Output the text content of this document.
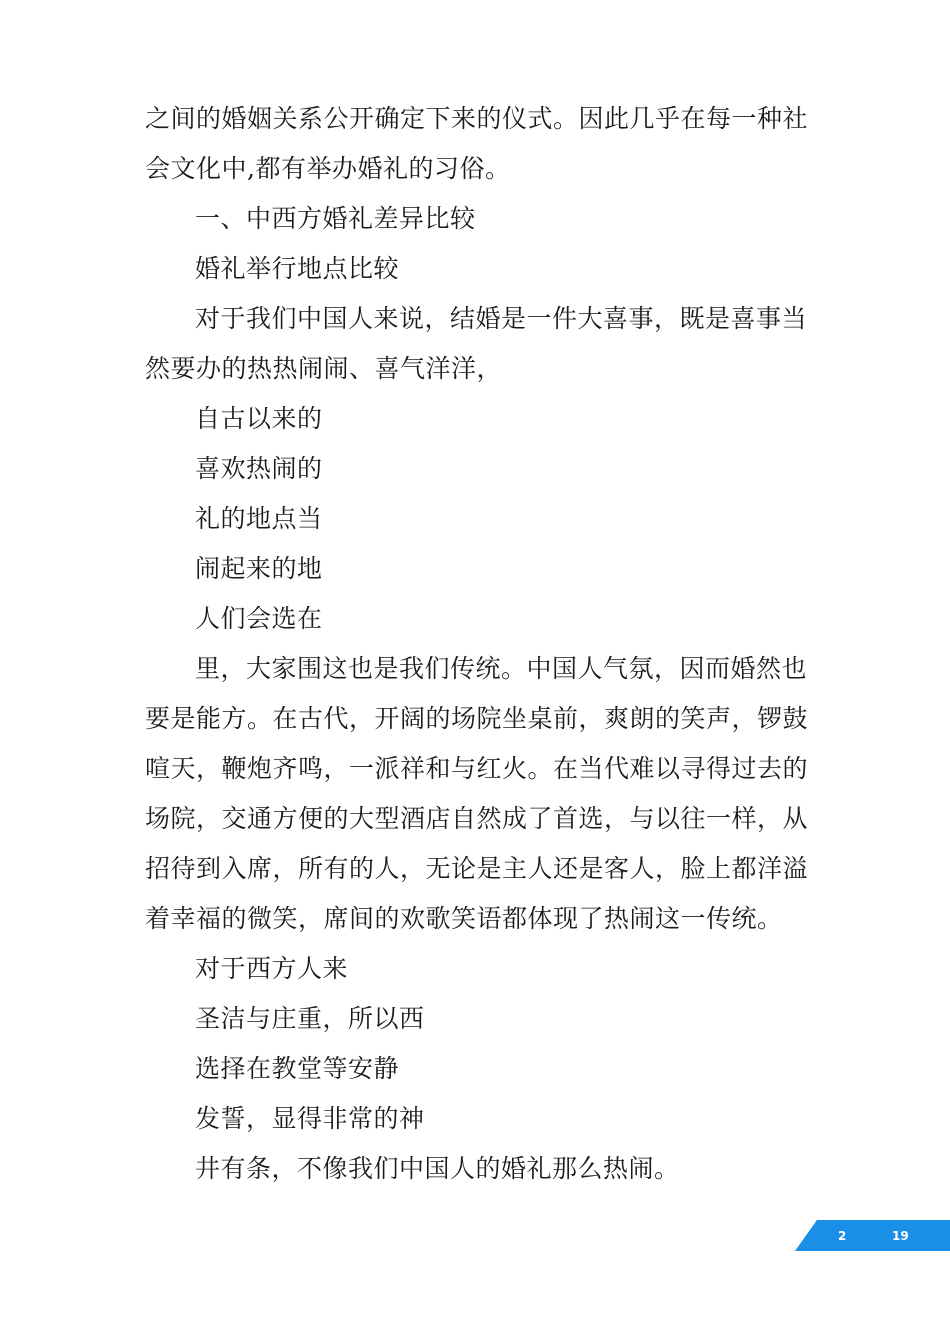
之间的婚姻关系公开确定下来的仪式。因此几乎在每一种社会文化中,都有举办婚礼的习俗。

一、中西方婚礼差异比较

婚礼举行地点比较

对于我们中国人来说，结婚是一件大喜事，既是喜事当然要办的热热闹闹、喜气洋洋，

自古以来的

喜欢热闹的

礼的地点当

闹起来的地

人们会选在

里，大家围这也是我们传统。中国人气氛，因而婚然也要是能方。在古代，开阔的场院坐桌前，爽朗的笑声，锣鼓喧天，鞭炮齐鸣，一派祥和与红火。在当代难以寻得过去的场院，交通方便的大型酒店自然成了首选，与以往一样，从招待到入席，所有的人，无论是主人还是客人，脸上都洋溢着幸福的微笑，席间的欢歌笑语都体现了热闹这一传统。

对于西方人来

圣洁与庄重，所以西

选择在教堂等安静

发誓，显得非常的神

井有条，不像我们中国人的婚礼那么热闹。

2	19
